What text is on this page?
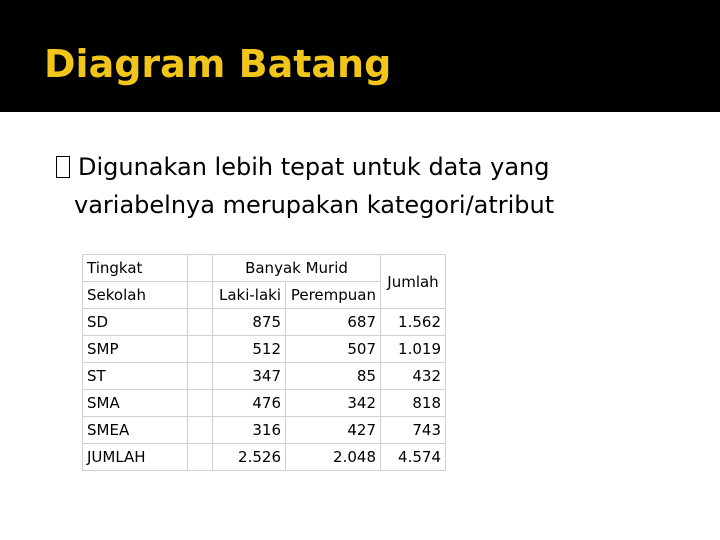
Diagram Batang
Digunakan lebih tepat untuk data yang
variabelnya merupakan kategori/atribut
Tingkat		Banyak Murid		Jumlah
Sekolah		Laki-laki	Perempuan	
SD		875	687	1.562
SMP		512	507	1.019
ST		347	85	432
SMA		476	342	818
SMEA		316	427	743
JUMLAH		2.526	2.048	4.574
